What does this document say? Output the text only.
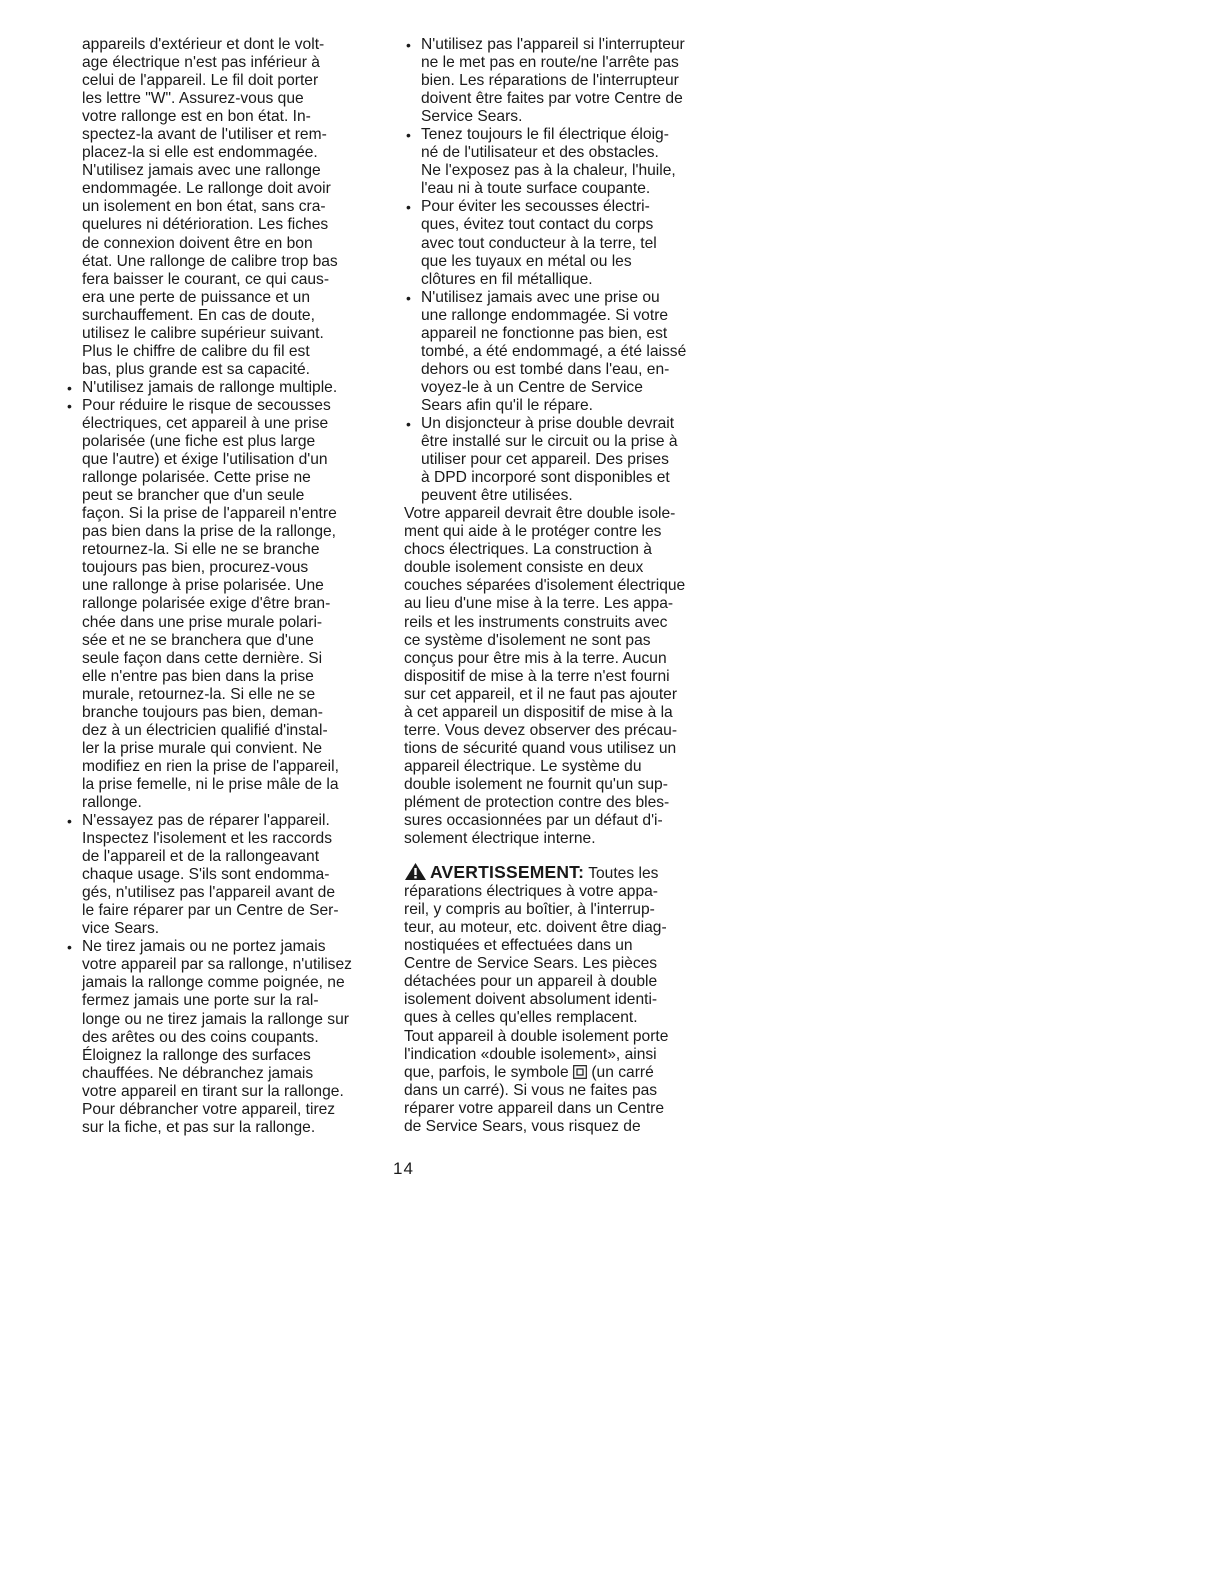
appareils d'extérieur et dont le volt-
age électrique n'est pas inférieur à
celui de l'appareil. Le fil doit porter
les lettre "W". Assurez-vous que
votre rallonge est en bon état. In-
spectez-la avant de l'utiliser et rem-
placez-la si elle est endommagée.
N'utilisez jamais avec une rallonge
endommagée. Le rallonge doit avoir
un isolement en bon état, sans cra-
quelures ni détérioration. Les fiches
de connexion doivent être en bon
état. Une rallonge de calibre trop bas
fera baisser le courant, ce qui caus-
era une perte de puissance et un
surchauffement. En cas de doute,
utilisez le calibre supérieur suivant.
Plus le chiffre de calibre du fil est
bas, plus grande est sa capacité.

• N'utilisez jamais de rallonge multiple.
• Pour réduire le risque de secousses
électriques, cet appareil à une prise
polarisée (une fiche est plus large
que l'autre) et éxige l'utilisation d'un
rallonge polarisée. Cette prise ne
peut se brancher que d'un seule
façon. Si la prise de l'appareil n'entre
pas bien dans la prise de la rallonge,
retournez-la. Si elle ne se branche
toujours pas bien, procurez-vous
une rallonge à prise polarisée. Une
rallonge polarisée exige d'être bran-
chée dans une prise murale polari-
sée et ne se branchera que d'une
seule façon dans cette dernière. Si
elle n'entre pas bien dans la prise
murale, retournez-la. Si elle ne se
branche toujours pas bien, deman-
dez à un électricien qualifié d'instal-
ler la prise murale qui convient. Ne
modifiez en rien la prise de l'appareil,
la prise femelle, ni le prise mâle de la
rallonge.
• N'essayez pas de réparer l'appareil.
Inspectez l'isolement et les raccords
de l'appareil et de la rallongeavant
chaque usage. S'ils sont endomma-
gés, n'utilisez pas l'appareil avant de
le faire réparer par un Centre de Ser-
vice Sears.
• Ne tirez jamais ou ne portez jamais
votre appareil par sa rallonge, n'utilisez
jamais la rallonge comme poignée, ne
fermez jamais une porte sur la ral-
longe ou ne tirez jamais la rallonge sur
des arêtes ou des coins coupants.
Éloignez la rallonge des surfaces
chauffées. Ne débranchez jamais
votre appareil en tirant sur la rallonge.
Pour débrancher votre appareil, tirez
sur la fiche, et pas sur la rallonge.
• N'utilisez pas l'appareil si l'interrupteur
ne le met pas en route/ne l'arrête pas
bien. Les réparations de l'interrupteur
doivent être faites par votre Centre de
Service Sears.
• Tenez toujours le fil électrique éloig-
né de l'utilisateur et des obstacles.
Ne l'exposez pas à la chaleur, l'huile,
l'eau ni à toute surface coupante.
• Pour éviter les secousses électri-
ques, évitez tout contact du corps
avec tout conducteur à la terre, tel
que les tuyaux en métal ou les
clôtures en fil métallique.
• N'utilisez jamais avec une prise ou
une rallonge endommagée. Si votre
appareil ne fonctionne pas bien, est
tombé, a été endommagé, a été laissé
dehors ou est tombé dans l'eau, en-
voyez-le à un Centre de Service
Sears afin qu'il le répare.
• Un disjoncteur à prise double devrait
être installé sur le circuit ou la prise à
utiliser pour cet appareil. Des prises
à DPD incorporé sont disponibles et
peuvent être utilisées.

Votre appareil devrait être double isole-
ment qui aide à le protéger contre les
chocs électriques. La construction à
double isolement consiste en deux
couches séparées d'isolement électrique
au lieu d'une mise à la terre. Les appa-
reils et les instruments construits avec
ce système d'isolement ne sont pas
conçus pour être mis à la terre. Aucun
dispositif de mise à la terre n'est fourni
sur cet appareil, et il ne faut pas ajouter
à cet appareil un dispositif de mise à la
terre. Vous devez observer des précau-
tions de sécurité quand vous utilisez un
appareil électrique. Le système du
double isolement ne fournit qu'un sup-
plément de protection contre des bles-
sures occasionnées par un défaut d'i-
solement électrique interne.

AVERTISSEMENT: Toutes les
réparations électriques à votre appa-
reil, y compris au boîtier, à l'interrup-
teur, au moteur, etc. doivent être diag-
nostiquées et effectuées dans un
Centre de Service Sears. Les pièces
détachées pour un appareil à double
isolement doivent absolument identi-
ques à celles qu'elles remplacent.
Tout appareil à double isolement porte
l'indication «double isolement», ainsi
que, parfois, le symbole  (un carré
dans un carré). Si vous ne faites pas
réparer votre appareil dans un Centre
de Service Sears, vous risquez de

14
